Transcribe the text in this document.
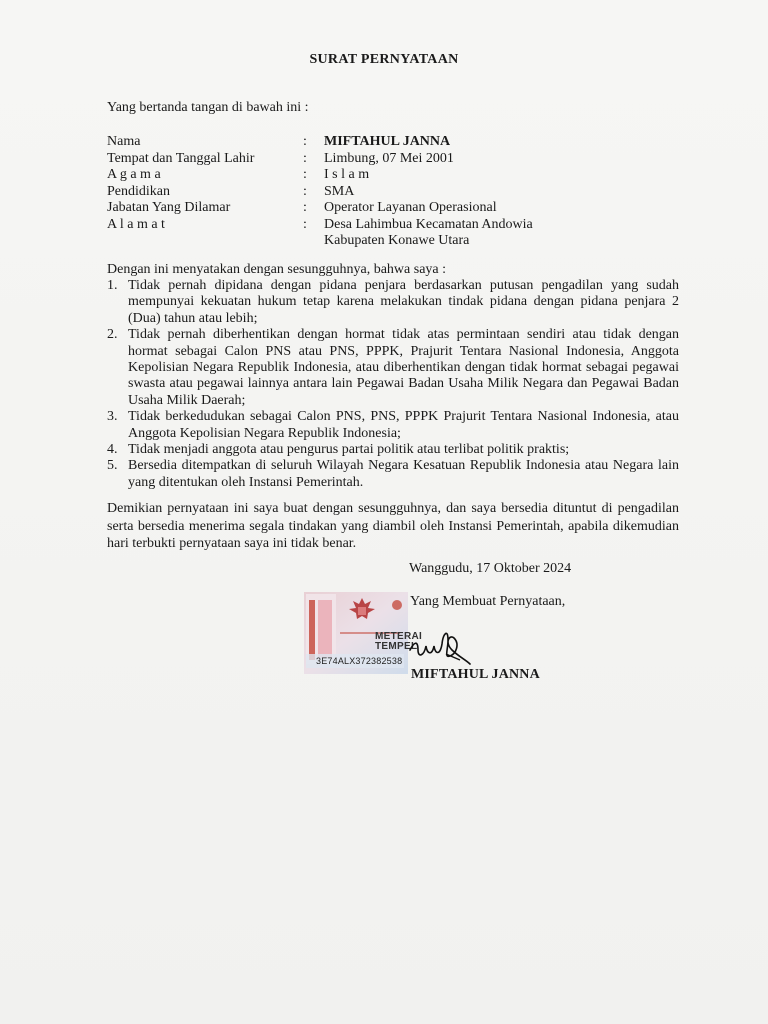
SURAT PERNYATAAN
Yang bertanda tangan di bawah ini :
Nama	:	MIFTAHUL JANNA
Tempat dan Tanggal Lahir	:	Limbung, 07 Mei 2001
A g a m a	:	I s l a m
Pendidikan	:	SMA
Jabatan Yang Dilamar	:	Operator Layanan Operasional
A l a m a t	:	Desa Lahimbua Kecamatan Andowia
Kabupaten Konawe Utara
Dengan ini menyatakan dengan sesungguhnya, bahwa saya :
1. Tidak pernah dipidana dengan pidana penjara berdasarkan putusan pengadilan yang sudah mempunyai kekuatan hukum tetap karena melakukan tindak pidana dengan pidana penjara 2 (Dua) tahun atau lebih;
2. Tidak pernah diberhentikan dengan hormat tidak atas permintaan sendiri atau tidak dengan hormat sebagai Calon PNS atau PNS, PPPK, Prajurit Tentara Nasional Indonesia, Anggota Kepolisian Negara Republik Indonesia, atau diberhentikan dengan tidak hormat sebagai pegawai swasta atau pegawai lainnya antara lain Pegawai Badan Usaha Milik Negara dan Pegawai Badan Usaha Milik Daerah;
3. Tidak berkedudukan sebagai Calon PNS, PNS, PPPK Prajurit Tentara Nasional Indonesia, atau Anggota Kepolisian Negara Republik Indonesia;
4. Tidak menjadi anggota atau pengurus partai politik atau terlibat politik praktis;
5. Bersedia ditempatkan di seluruh Wilayah Negara Kesatuan Republik Indonesia atau Negara lain yang ditentukan oleh Instansi Pemerintah.
Demikian pernyataan ini saya buat dengan sesungguhnya, dan saya bersedia dituntut di pengadilan serta bersedia menerima segala tindakan yang diambil oleh Instansi Pemerintah, apabila dikemudian hari terbukti pernyataan saya ini tidak benar.
Wanggudu, 17 Oktober 2024
METERAI
TEMPEL
3E74ALX372382538
Yang Membuat Pernyataan,
MIFTAHUL JANNA
